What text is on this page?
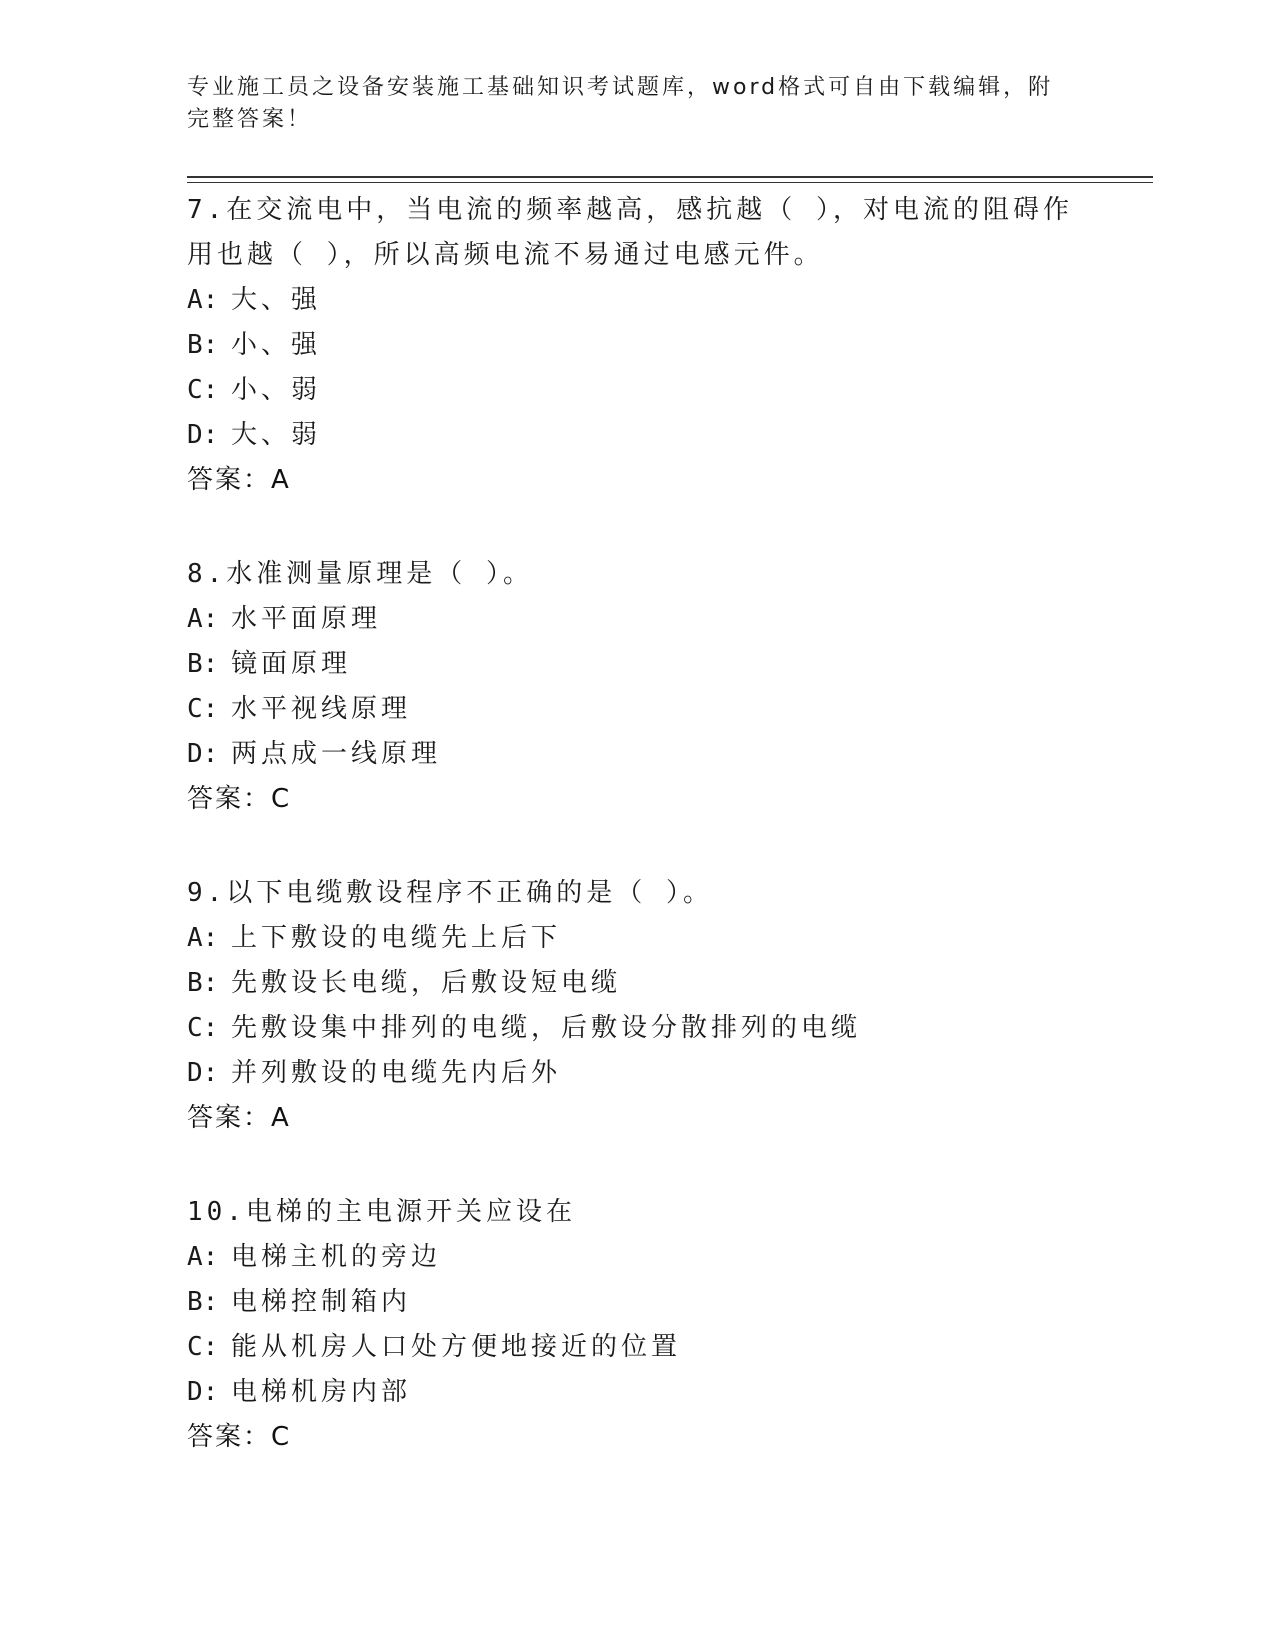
专业施工员之设备安装施工基础知识考试题库，word格式可自由下载编辑，附完整答案！
7.在交流电中，当电流的频率越高，感抗越（ ），对电流的阻碍作用也越（ ），所以高频电流不易通过电感元件。
A: 大、强
B: 小、强
C: 小、弱
D: 大、弱
答案：A
8.水准测量原理是（ ）。
A: 水平面原理
B: 镜面原理
C: 水平视线原理
D: 两点成一线原理
答案：C
9.以下电缆敷设程序不正确的是（ ）。
A: 上下敷设的电缆先上后下
B: 先敷设长电缆，后敷设短电缆
C: 先敷设集中排列的电缆，后敷设分散排列的电缆
D: 并列敷设的电缆先内后外
答案：A
10.电梯的主电源开关应设在
A: 电梯主机的旁边
B: 电梯控制箱内
C: 能从机房人口处方便地接近的位置
D: 电梯机房内部
答案：C
